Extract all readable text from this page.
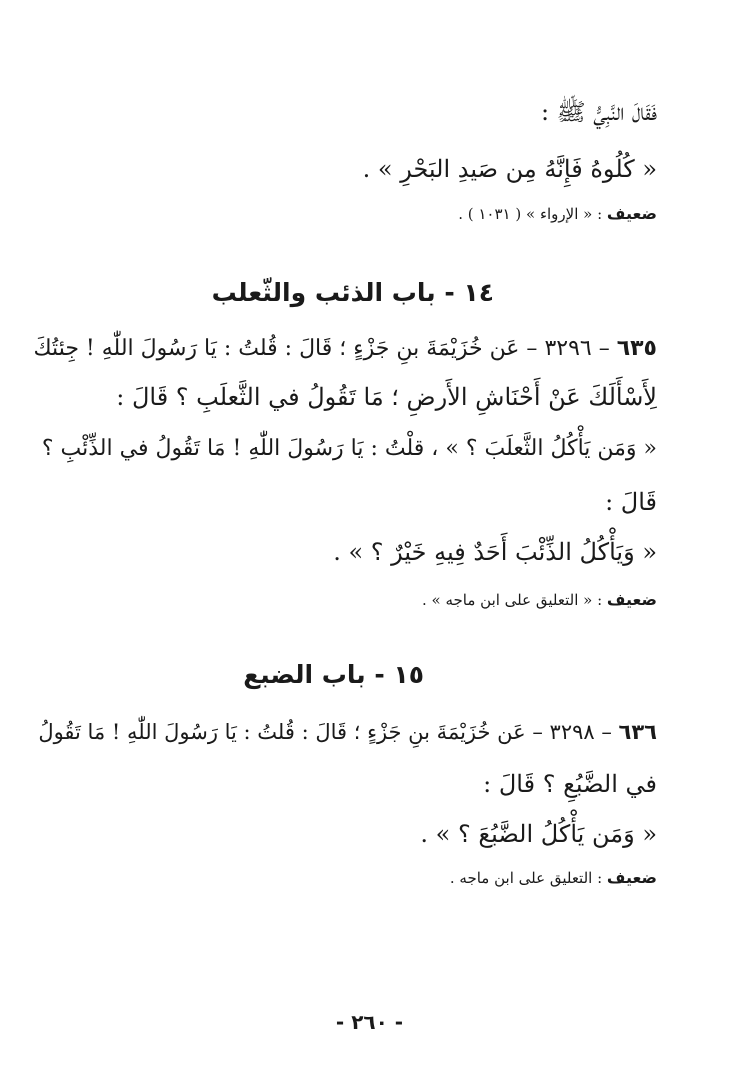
فَقَالَ النَّبِيُّ ﷺ :
« كُلُوهُ فَإِنَّهُ مِن صَيدِ البَحْرِ » .
ضعيف : « الإرواء » ( ١٠٣١ ) .
١٤ - باب الذئب والثّعلب
٦٣٥ – ٣٢٩٦ – عَن خُزَيْمَةَ بنِ جَزْءٍ ؛ قَالَ : قُلتُ : يَا رَسُولَ اللّٰهِ ! جِئتُكَ
لِأَسْأَلَكَ عَنْ أَحْنَاشِ الأَرضِ ؛ مَا تَقُولُ في الثَّعلَبِ ؟ قَالَ :
« وَمَن يَأْكُلُ الثَّعلَبَ ؟ » ، قلْتُ : يَا رَسُولَ اللّٰهِ ! مَا تَقُولُ في الذِّئْبِ ؟
قَالَ :
« وَيَأْكُلُ الذِّئْبَ أَحَدٌ فِيهِ خَيْرٌ ؟ » .
ضعيف : « التعليق على ابن ماجه » .
١٥ - باب الضبع
٦٣٦ – ٣٢٩٨ – عَن خُزَيْمَةَ بنِ جَزْءٍ ؛ قَالَ : قُلتُ : يَا رَسُولَ اللّٰهِ ! مَا تَقُولُ
في الضَّبُعِ ؟ قَالَ :
« وَمَن يَأْكُلُ الضَّبُعَ ؟ » .
ضعيف : التعليق على ابن ماجه .
- ٢٦٠ -
